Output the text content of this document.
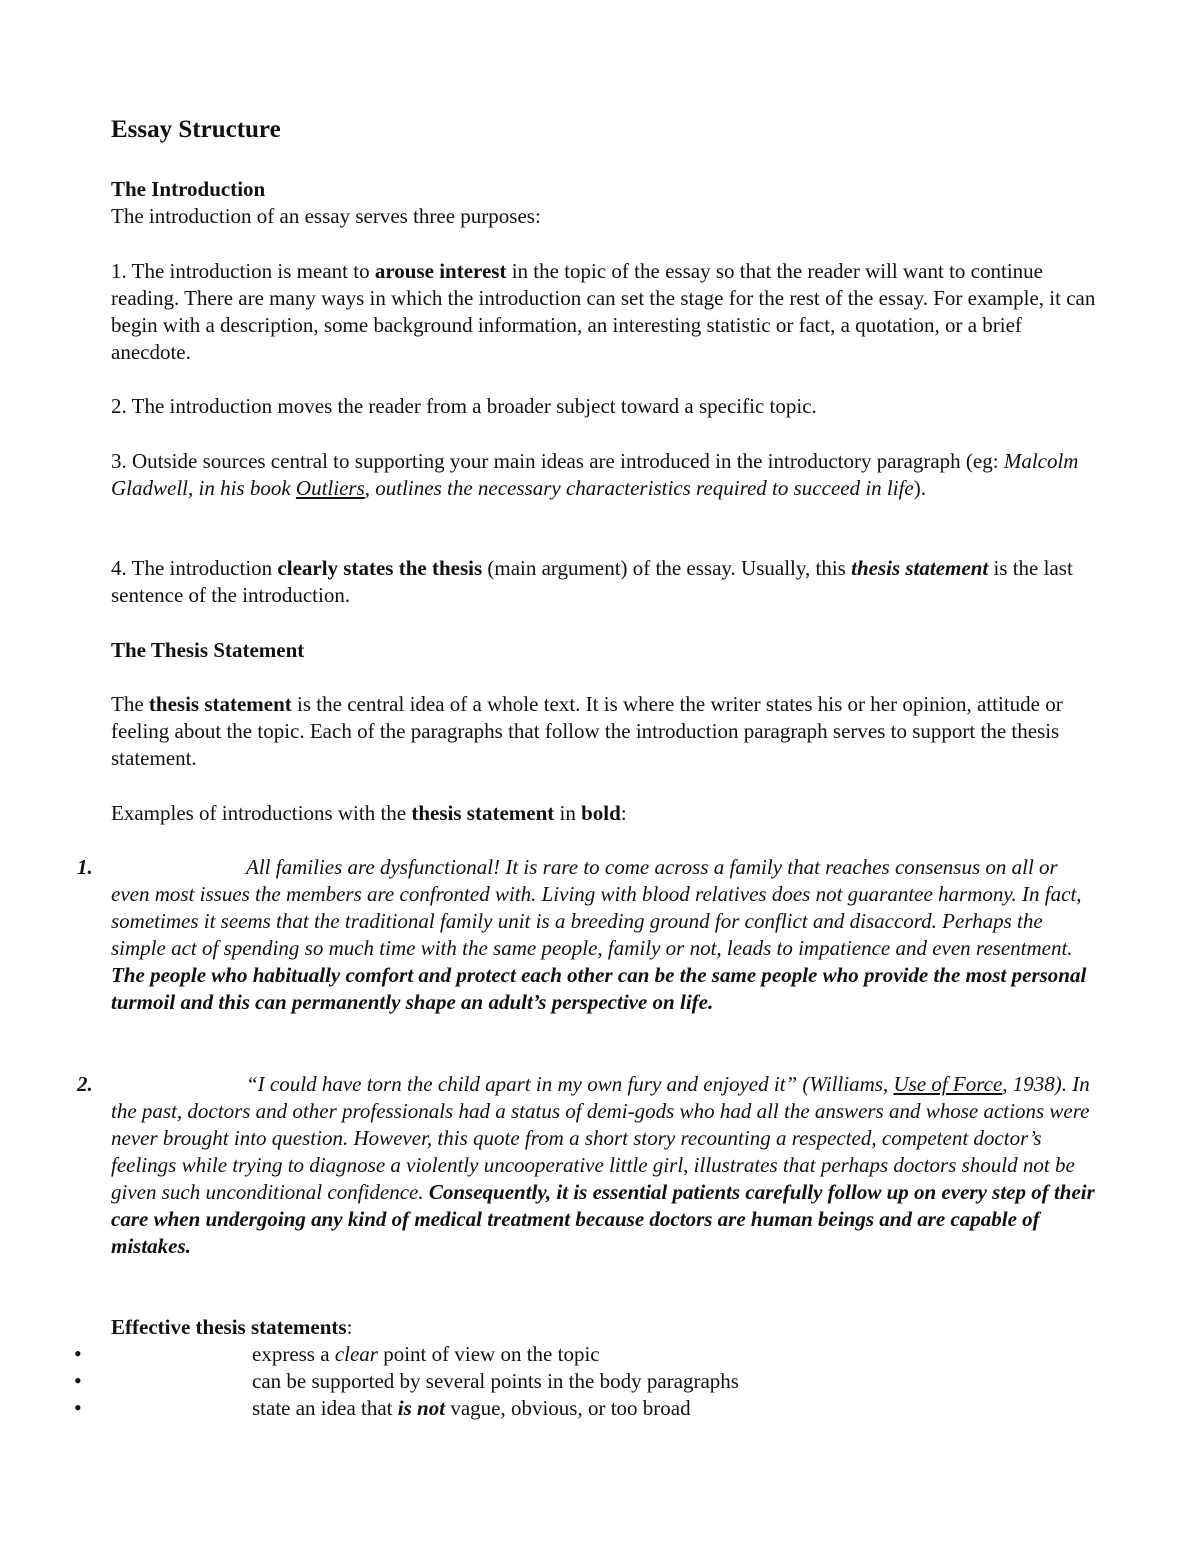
Essay Structure
The Introduction

The introduction of an essay serves three purposes:

1. The introduction is meant to arouse interest in the topic of the essay so that the reader will want to continue reading. There are many ways in which the introduction can set the stage for the rest of the essay. For example, it can begin with a description, some background information, an interesting statistic or fact, a quotation, or a brief anecdote.

2. The introduction moves the reader from a broader subject toward a specific topic.

3. Outside sources central to supporting your main ideas are introduced in the introductory paragraph (eg: Malcolm Gladwell, in his book Outliers, outlines the necessary characteristics required to succeed in life).

4. The introduction clearly states the thesis (main argument) of the essay. Usually, this thesis statement is the last sentence of the introduction.

The Thesis Statement

The thesis statement is the central idea of a whole text. It is where the writer states his or her opinion, attitude or feeling about the topic. Each of the paragraphs that follow the introduction paragraph serves to support the thesis statement.

Examples of introductions with the thesis statement in bold:

1.	All families are dysfunctional! It is rare to come across a family that reaches consensus on all or even most issues the members are confronted with. Living with blood relatives does not guarantee harmony. In fact, sometimes it seems that the traditional family unit is a breeding ground for conflict and disaccord. Perhaps the simple act of spending so much time with the same people, family or not, leads to impatience and even resentment. The people who habitually comfort and protect each other can be the same people who provide the most personal turmoil and this can permanently shape an adult’s perspective on life.

2.	“I could have torn the child apart in my own fury and enjoyed it” (Williams, Use of Force, 1938). In the past, doctors and other professionals had a status of demi-gods who had all the answers and whose actions were never brought into question. However, this quote from a short story recounting a respected, competent doctor’s feelings while trying to diagnose a violently uncooperative little girl, illustrates that perhaps doctors should not be given such unconditional confidence. Consequently, it is essential patients carefully follow up on every step of their care when undergoing any kind of medical treatment because doctors are human beings and are capable of mistakes.

Effective thesis statements:
•	express a clear point of view on the topic

•	can be supported by several points in the body paragraphs

•	state an idea that is not vague, obvious, or too broad
